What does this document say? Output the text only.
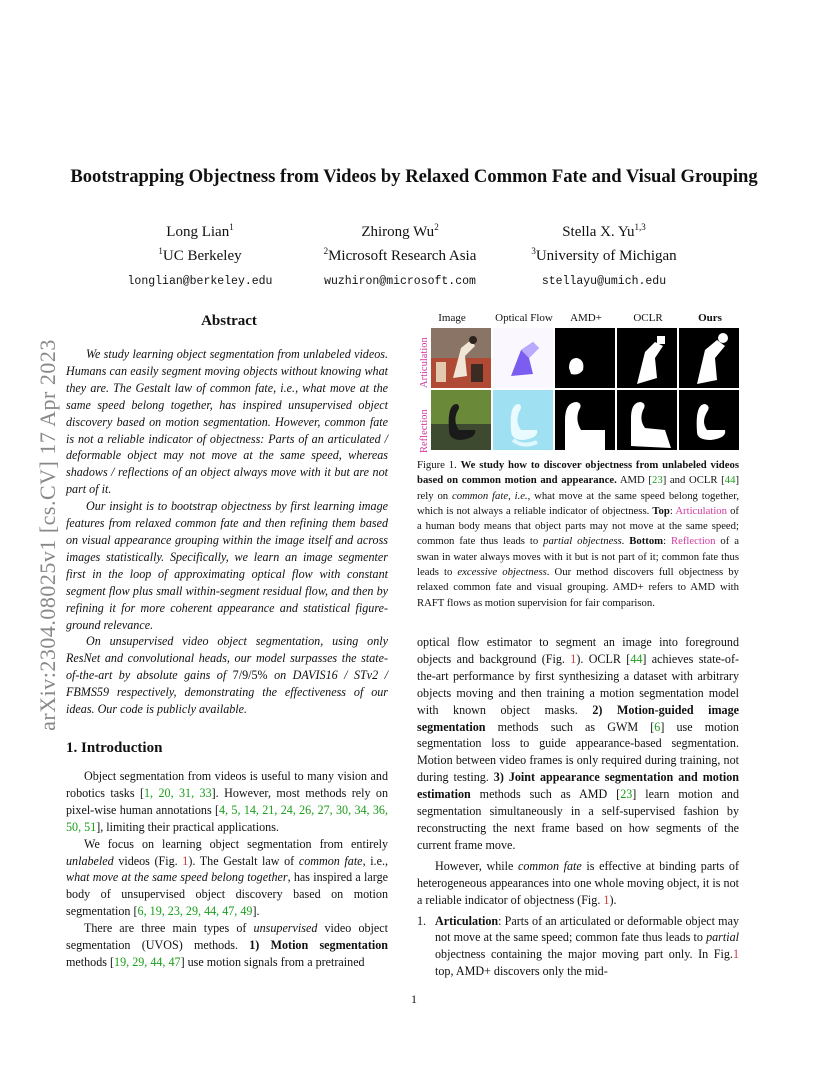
arXiv:2304.08025v1 [cs.CV] 17 Apr 2023
Bootstrapping Objectness from Videos by Relaxed Common Fate and Visual Grouping
Long Lian$^1$
$^1$UC Berkeley
longlian@berkeley.edu
Zhirong Wu$^2$
$^2$Microsoft Research Asia
wuzhiron@microsoft.com
Stella X. Yu$^{1,3}$
$^3$University of Michigan
stellayu@umich.edu
Abstract

We study learning object segmentation from unlabeled videos. Humans can easily segment moving objects without knowing what they are. The Gestalt law of common fate, i.e., what move at the same speed belong together, has inspired unsupervised object discovery based on motion segmentation. However, common fate is not a reliable indicator of objectness: Parts of an articulated / deformable object may not move at the same speed, whereas shadows / reflections of an object always move with it but are not part of it.

Our insight is to bootstrap objectness by first learning image features from relaxed common fate and then refining them based on visual appearance grouping within the image itself and across images statistically. Specifically, we learn an image segmenter first in the loop of approximating optical flow with constant segment flow plus small within-segment residual flow, and then by refining it for more coherent appearance and statistical figure-ground relevance.

On unsupervised video object segmentation, using only ResNet and convolutional heads, our model surpasses the state-of-the-art by absolute gains of 7/9/5% on DAVIS16 / STv2 / FBMS59 respectively, demonstrating the effectiveness of our ideas. Our code is publicly available.

1. Introduction

Object segmentation from videos is useful to many vision and robotics tasks [1, 20, 31, 33]. However, most methods rely on pixel-wise human annotations [4, 5, 14, 21, 24, 26, 27, 30, 34, 36, 50, 51], limiting their practical applications.

We focus on learning object segmentation from entirely unlabeled videos (Fig. 1). The Gestalt law of common fate, i.e., what move at the same speed belong together, has inspired a large body of unsupervised object discovery based on motion segmentation [6, 19, 23, 29, 44, 47, 49].

There are three main types of unsupervised video object segmentation (UVOS) methods. 1) Motion segmentation methods [19, 29, 44, 47] use motion signals from a pretrained

Image	Optical Flow	AMD+	OCLR	Ours
Articulation
Reflection
Figure 1. We study how to discover objectness from unlabeled videos based on common motion and appearance. AMD [23] and OCLR [44] rely on common fate, i.e., what move at the same speed belong together, which is not always a reliable indicator of objectness. Top: Articulation of a human body means that object parts may not move at the same speed; common fate thus leads to partial objectness. Bottom: Reflection of a swan in water always moves with it but is not part of it; common fate thus leads to excessive objectness. Our method discovers full objectness by relaxed common fate and visual grouping. AMD+ refers to AMD with RAFT flows as motion supervision for fair comparison.

optical flow estimator to segment an image into foreground objects and background (Fig. 1). OCLR [44] achieves state-of-the-art performance by first synthesizing a dataset with arbitrary objects moving and then training a motion segmentation model with known object masks. 2) Motion-guided image segmentation methods such as GWM [6] use motion segmentation loss to guide appearance-based segmentation. Motion between video frames is only required during training, not during testing. 3) Joint appearance segmentation and motion estimation methods such as AMD [23] learn motion and segmentation simultaneously in a self-supervised fashion by reconstructing the next frame based on how segments of the current frame move.

However, while common fate is effective at binding parts of heterogeneous appearances into one whole moving object, it is not a reliable indicator of objectness (Fig. 1).

1. Articulation: Parts of an articulated or deformable object may not move at the same speed; common fate thus leads to partial objectness containing the major moving part only. In Fig.1 top, AMD+ discovers only the mid-
1
